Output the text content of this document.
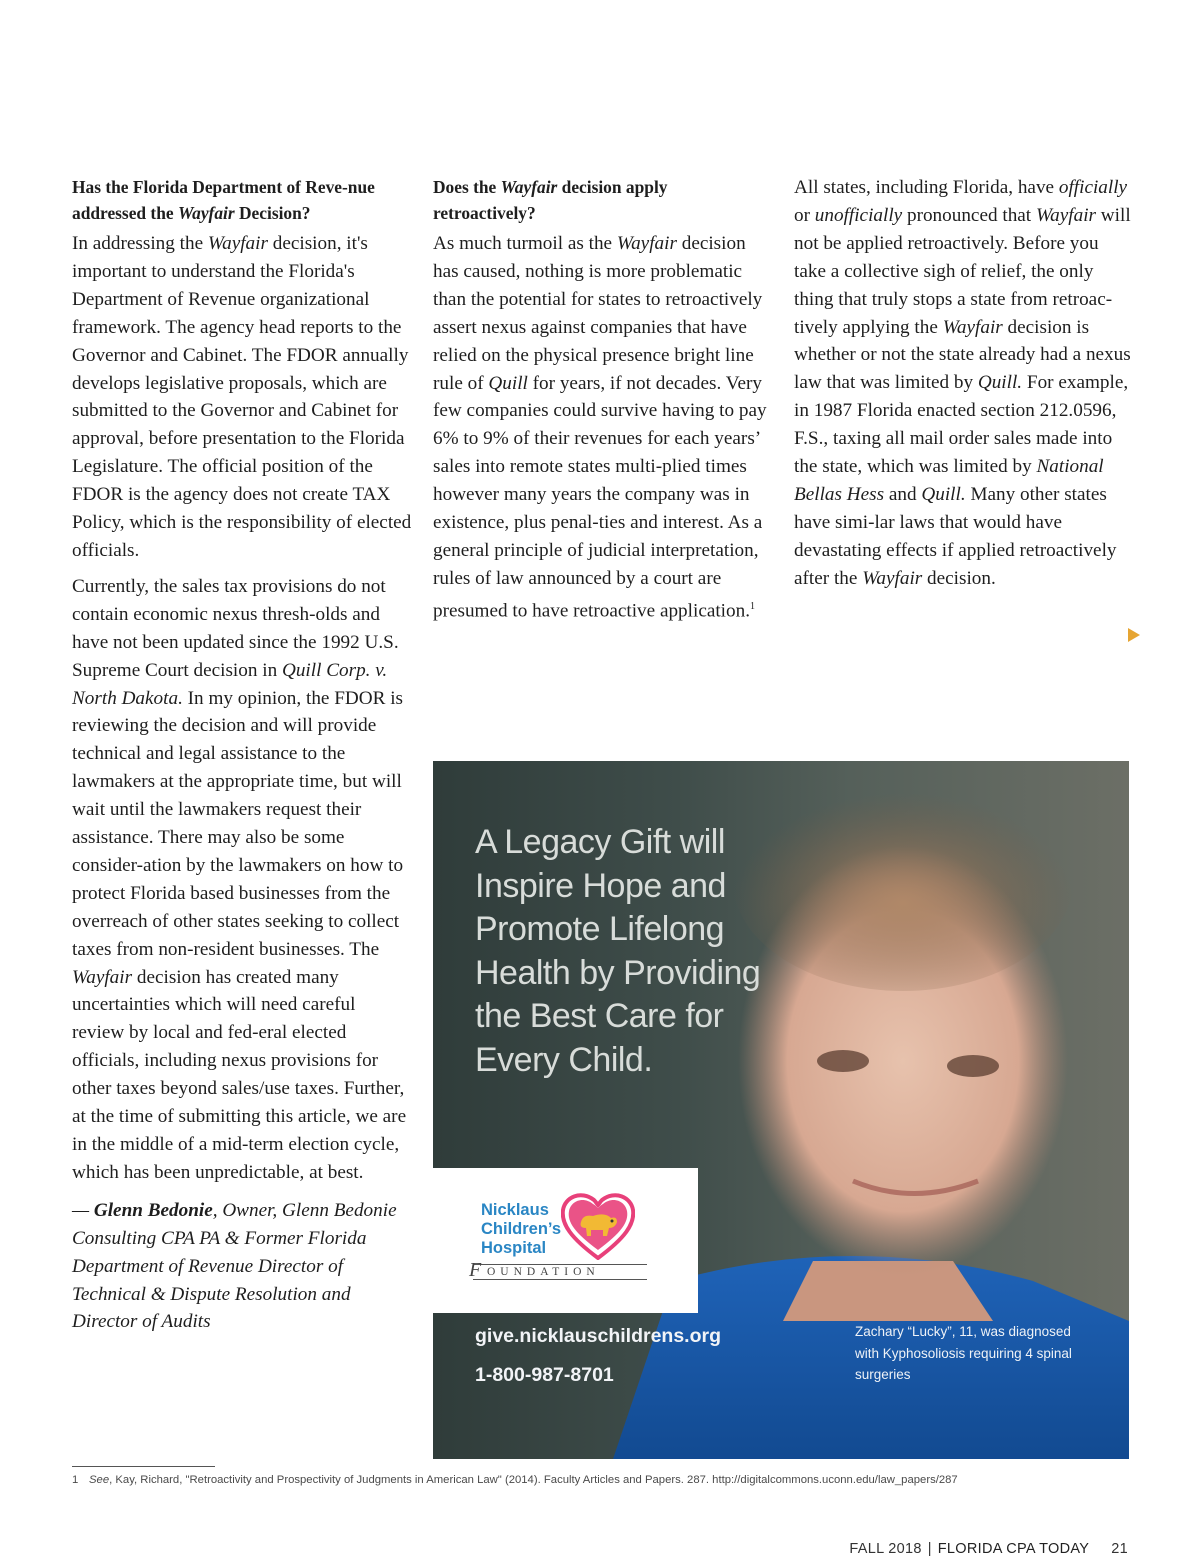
Has the Florida Department of Reve-nue addressed the Wayfair Decision?

In addressing the Wayfair decision, it's important to understand the Florida's Department of Revenue organizational framework. The agency head reports to the Governor and Cabinet. The FDOR annually develops legislative proposals, which are submitted to the Governor and Cabinet for approval, before presentation to the Florida Legislature. The official position of the FDOR is the agency does not create TAX Policy, which is the responsibility of elected officials.

Currently, the sales tax provisions do not contain economic nexus thresh-olds and have not been updated since the 1992 U.S. Supreme Court decision in Quill Corp. v. North Dakota. In my opinion, the FDOR is reviewing the decision and will provide technical and legal assistance to the lawmakers at the appropriate time, but will wait until the lawmakers request their assistance. There may also be some consider-ation by the lawmakers on how to protect Florida based businesses from the overreach of other states seeking to collect taxes from non-resident businesses. The Wayfair decision has created many uncertainties which will need careful review by local and fed-eral elected officials, including nexus provisions for other taxes beyond sales/use taxes. Further, at the time of submitting this article, we are in the middle of a mid-term election cycle, which has been unpredictable, at best.

— Glenn Bedonie, Owner, Glenn Bedonie Consulting CPA PA & Former Florida Department of Revenue Director of Technical & Dispute Resolution and Director of Audits
Does the Wayfair decision apply retroactively?

As much turmoil as the Wayfair decision has caused, nothing is more problematic than the potential for states to retroactively assert nexus against companies that have relied on the physical presence bright line rule of Quill for years, if not decades. Very few companies could survive having to pay 6% to 9% of their revenues for each years’ sales into remote states multi-plied times however many years the company was in existence, plus penal-ties and interest. As a general principle of judicial interpretation, rules of law announced by a court are presumed to have retroactive application.$^1$

All states, including Florida, have officially or unofficially pronounced that Wayfair will not be applied retroactively. Before you take a collective sigh of relief, the only thing that truly stops a state from retroac-tively applying the Wayfair decision is whether or not the state already had a nexus law that was limited by Quill. For example, in 1987 Florida enacted section 212.0596, F.S., taxing all mail order sales made into the state, which was limited by National Bellas Hess and Quill. Many other states have simi-lar laws that would have devastating effects if applied retroactively after the Wayfair decision.

A Legacy Gift will Inspire Hope and Promote Lifelong Health by Providing the Best Care for Every Child.
Nicklaus
Children’s
Hospital
F OUNDATION
give.nicklauschildrens.org
1-800-987-8701
Zachary “Lucky”, 11, was diagnosed with Kyphosoliosis requiring 4 spinal surgeries
1 See, Kay, Richard, "Retroactivity and Prospectivity of Judgments in American Law" (2014). Faculty Articles and Papers. 287. http://digitalcommons.uconn.edu/law_papers/287
FALL 2018 | FLORIDA CPA TODAY 21
